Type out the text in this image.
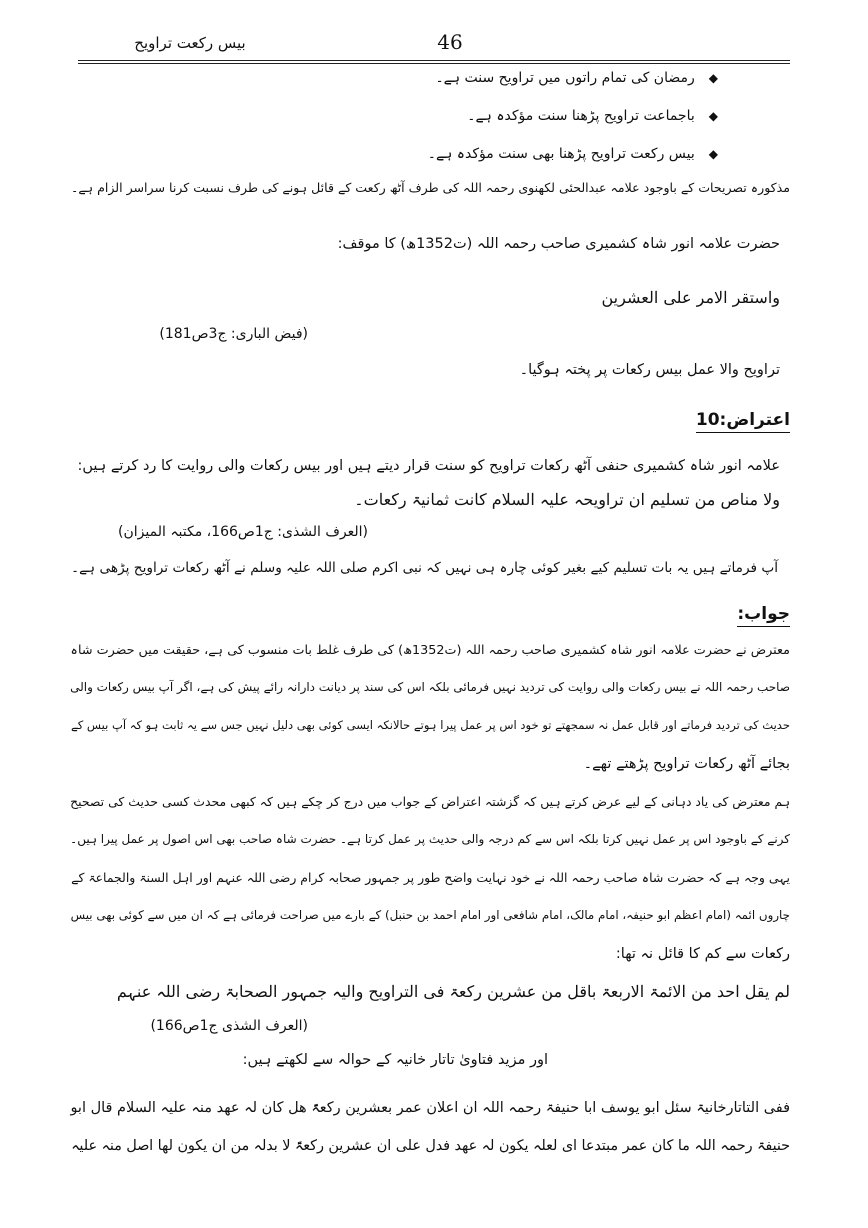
بیس رکعت تراویح	46
◆رمضان کی تمام راتوں میں تراویح سنت ہے۔
◆باجماعت تراویح پڑھنا سنت مؤکدہ ہے۔
◆بیس رکعت تراویح پڑھنا بھی سنت مؤکدہ ہے۔
مذکورہ تصریحات کے باوجود علامہ عبدالحئی لکھنوی رحمہ اللہ کی طرف آٹھ رکعت کے قائل ہونے کی طرف نسبت کرنا سراسر الزام ہے۔
حضرت علامہ انور شاہ کشمیری صاحب رحمہ اللہ (ت1352ھ) کا موقف:
واستقر الامر علی العشرین
(فیض الباری: ج3ص181)
تراویح والا عمل بیس رکعات پر پختہ ہوگیا۔
اعتراض:10
علامہ انور شاہ کشمیری حنفی آٹھ رکعات تراویح کو سنت قرار دیتے ہیں اور بیس رکعات والی روایت کا رد کرتے ہیں:
ولا مناص من تسلیم ان تراویحہ علیہ السلام کانت ثمانیۃ رکعات۔
(العرف الشذی: ج1ص166، مکتبہ المیزان)
آپ فرماتے ہیں یہ بات تسلیم کیے بغیر کوئی چارہ ہی نہیں کہ نبی اکرم صلی اللہ علیہ وسلم نے آٹھ رکعات تراویح پڑھی ہے۔
جواب:
معترض نے حضرت علامہ انور شاہ کشمیری صاحب رحمہ اللہ (ت1352ھ) کی طرف غلط بات منسوب کی ہے، حقیقت میں حضرت شاہ
صاحب رحمہ اللہ نے بیس رکعات والی روایت کی تردید نہیں فرمائی بلکہ اس کی سند پر دیانت دارانہ رائے پیش کی ہے، اگر آپ بیس رکعات والی
حدیث کی تردید فرماتے اور قابل عمل نہ سمجھتے تو خود اس پر عمل پیرا ہوتے حالانکہ ایسی کوئی بھی دلیل نہیں جس سے یہ ثابت ہو کہ آپ بیس کے
بجائے آٹھ رکعات تراویح پڑھتے تھے۔
ہم معترض کی یاد دہانی کے لیے عرض کرتے ہیں کہ گزشتہ اعتراض کے جواب میں درج کر چکے ہیں کہ کبھی محدث کسی حدیث کی تصحیح
کرنے کے باوجود اس پر عمل نہیں کرتا بلکہ اس سے کم درجہ والی حدیث پر عمل کرتا ہے۔ حضرت شاہ صاحب بھی اس اصول پر عمل پیرا ہیں۔
یہی وجہ ہے کہ حضرت شاہ صاحب رحمہ اللہ نے خود نہایت واضح طور پر جمہور صحابہ کرام رضی اللہ عنہم اور اہل السنۃ والجماعۃ کے
چاروں ائمہ (امام اعظم ابو حنیفہ، امام مالک، امام شافعی اور امام احمد بن حنبل) کے بارے میں صراحت فرمائی ہے کہ ان میں سے کوئی بھی بیس
رکعات سے کم کا قائل نہ تھا:
لم یقل احد من الائمۃ الاربعۃ باقل من عشرین رکعۃ فی التراویح والیہ جمہور الصحابۃ رضی اللہ عنہم
(العرف الشذی ج1ص166)
اور مزید فتاویٰ تاتار خانیہ کے حوالہ سے لکھتے ہیں:
ففی التاتارخانیۃ سئل ابو یوسف ابا حنیفۃ رحمہ اللہ ان اعلان عمر بعشرین رکعۃً ھل کان لہ عھد منہ علیہ السلام قال ابو
حنیفۃ رحمہ اللہ ما کان عمر مبتدعا ای لعلہ یکون لہ عھد فدل علی ان عشرین رکعۃً لا بدلہ من ان یکون لھا اصل منہ علیہ
